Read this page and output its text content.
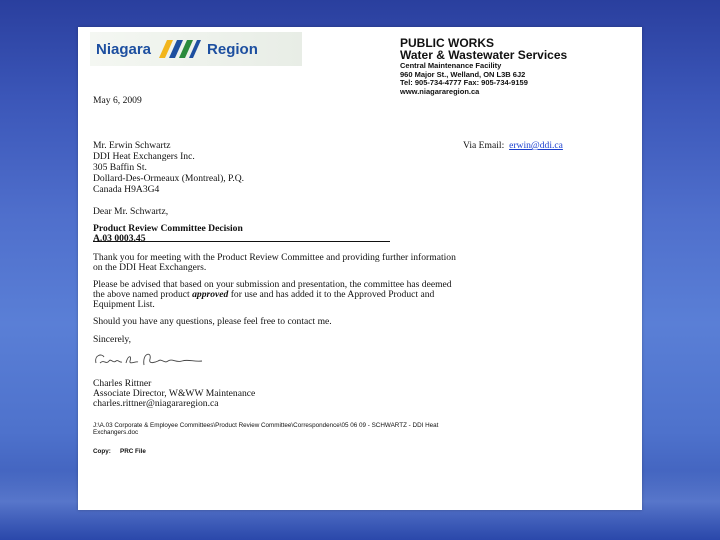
Niagara	Region	PUBLIC WORKS
Water & Wastewater Services
Central Maintenance Facility
960 Major St., Welland, ON L3B 6J2
Tel: 905-734-4777 Fax: 905-734-9159
www.niagararegion.ca
May 6, 2009
Mr. Erwin Schwartz
DDI Heat Exchangers Inc.
305 Baffin St.
Dollard-Des-Ormeaux (Montreal), P.Q.
Canada H9A3G4
Via Email: erwin@ddi.ca
Dear Mr. Schwartz,
Product Review Committee Decision
A.03 0003.45
Thank you for meeting with the Product Review Committee and providing further information
on the DDI Heat Exchangers.
Please be advised that based on your submission and presentation, the committee has deemed
the above named product approved for use and has added it to the Approved Product and
Equipment List.
Should you have any questions, please feel free to contact me.
Sincerely,
Charles Rittner
Associate Director, W&WW Maintenance
charles.rittner@niagararegion.ca
J:\A.03 Corporate & Employee Committees\Product Review Committee\Correspondence\05 06 09 - SCHWARTZ - DDI Heat
Exchangers.doc
Copy: PRC File
